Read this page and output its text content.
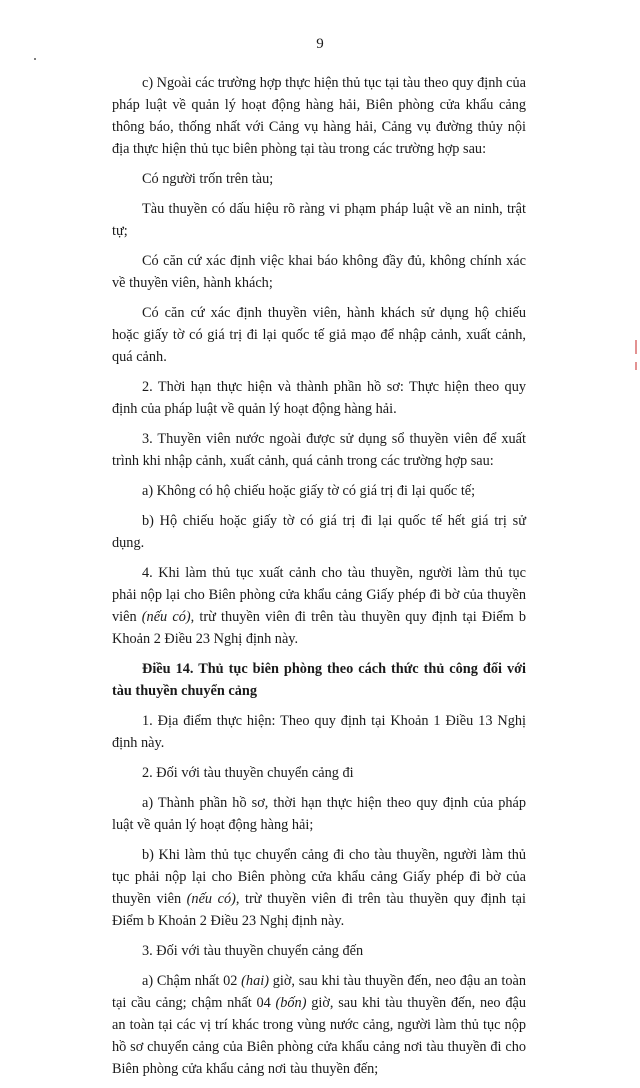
9

c) Ngoài các trường hợp thực hiện thủ tục tại tàu theo quy định của pháp luật về quản lý hoạt động hàng hải, Biên phòng cửa khẩu cảng thông báo, thống nhất với Cảng vụ hàng hải, Cảng vụ đường thủy nội địa thực hiện thủ tục biên phòng tại tàu trong các trường hợp sau:

Có người trốn trên tàu;

Tàu thuyền có dấu hiệu rõ ràng vi phạm pháp luật về an ninh, trật tự;

Có căn cứ xác định việc khai báo không đầy đủ, không chính xác về thuyền viên, hành khách;

Có căn cứ xác định thuyền viên, hành khách sử dụng hộ chiếu hoặc giấy tờ có giá trị đi lại quốc tế giả mạo để nhập cảnh, xuất cảnh, quá cảnh.

2. Thời hạn thực hiện và thành phần hồ sơ: Thực hiện theo quy định của pháp luật về quản lý hoạt động hàng hải.

3. Thuyền viên nước ngoài được sử dụng sổ thuyền viên để xuất trình khi nhập cảnh, xuất cảnh, quá cảnh trong các trường hợp sau:

a) Không có hộ chiếu hoặc giấy tờ có giá trị đi lại quốc tế;

b) Hộ chiếu hoặc giấy tờ có giá trị đi lại quốc tế hết giá trị sử dụng.

4. Khi làm thủ tục xuất cảnh cho tàu thuyền, người làm thủ tục phải nộp lại cho Biên phòng cửa khẩu cảng Giấy phép đi bờ của thuyền viên (nếu có), trừ thuyền viên đi trên tàu thuyền quy định tại Điểm b Khoản 2 Điều 23 Nghị định này.

Điều 14. Thủ tục biên phòng theo cách thức thủ công đối với tàu thuyền chuyển cảng

1. Địa điểm thực hiện: Theo quy định tại Khoản 1 Điều 13 Nghị định này.

2. Đối với tàu thuyền chuyển cảng đi

a) Thành phần hồ sơ, thời hạn thực hiện theo quy định của pháp luật về quản lý hoạt động hàng hải;

b) Khi làm thủ tục chuyển cảng đi cho tàu thuyền, người làm thủ tục phải nộp lại cho Biên phòng cửa khẩu cảng Giấy phép đi bờ của thuyền viên (nếu có), trừ thuyền viên đi trên tàu thuyền quy định tại Điểm b Khoản 2 Điều 23 Nghị định này.

3. Đối với tàu thuyền chuyển cảng đến

a) Chậm nhất 02 (hai) giờ, sau khi tàu thuyền đến, neo đậu an toàn tại cầu cảng; chậm nhất 04 (bốn) giờ, sau khi tàu thuyền đến, neo đậu an toàn tại các vị trí khác trong vùng nước cảng, người làm thủ tục nộp hồ sơ chuyển cảng của Biên phòng cửa khẩu cảng nơi tàu thuyền đi cho Biên phòng cửa khẩu cảng nơi tàu thuyền đến;
